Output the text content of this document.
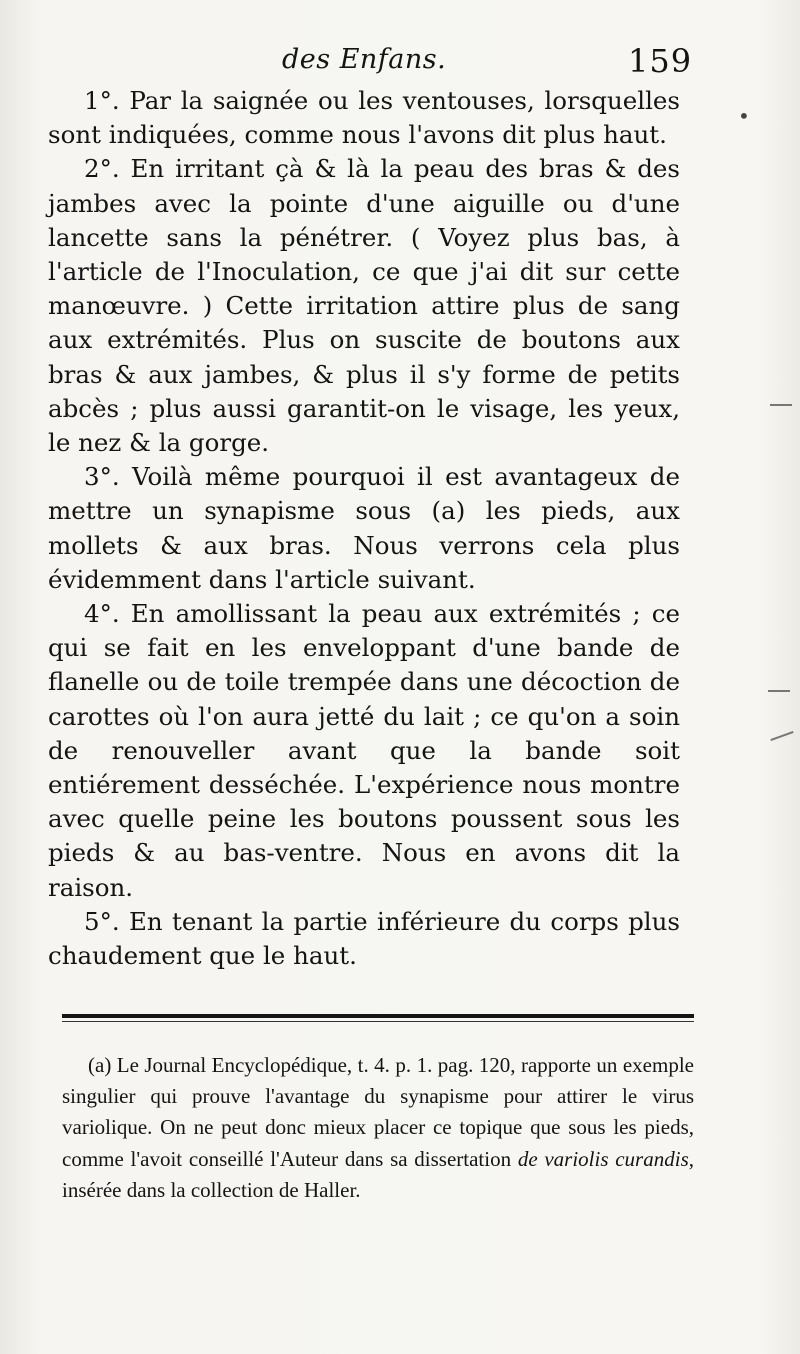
des Enfans.	159
•

1°. Par la saignée ou les ventouses, lorsquelles sont indiquées, comme nous l'avons dit plus haut.

2°. En irritant çà & là la peau des bras & des jambes avec la pointe d'une aiguille ou d'une lancette sans la pénétrer. ( Voyez plus bas, à l'article de l'Inoculation, ce que j'ai dit sur cette manœuvre. ) Cette irritation attire plus de sang aux extrémités. Plus on suscite de boutons aux bras & aux jambes, & plus il s'y forme de petits abcès ; plus aussi garantit-on le visage, les yeux, le nez & la gorge.

3°. Voilà même pourquoi il est avantageux de mettre un synapisme sous (a) les pieds, aux mollets & aux bras. Nous verrons cela plus évidemment dans l'article suivant.

4°. En amollissant la peau aux extrémités ; ce qui se fait en les enveloppant d'une bande de flanelle ou de toile trempée dans une décoction de carottes où l'on aura jetté du lait ; ce qu'on a soin de renouveller avant que la bande soit entiérement desséchée. L'expérience nous montre avec quelle peine les boutons poussent sous les pieds & au bas-ventre. Nous en avons dit la raison.

5°. En tenant la partie inférieure du corps plus chaudement que le haut.

(a) Le Journal Encyclopédique, t. 4. p. 1. pag. 120, rapporte un exemple singulier qui prouve l'avantage du synapisme pour attirer le virus variolique. On ne peut donc mieux placer ce topique que sous les pieds, comme l'avoit conseillé l'Auteur dans sa dissertation de variolis curandis, insérée dans la collection de Haller.
